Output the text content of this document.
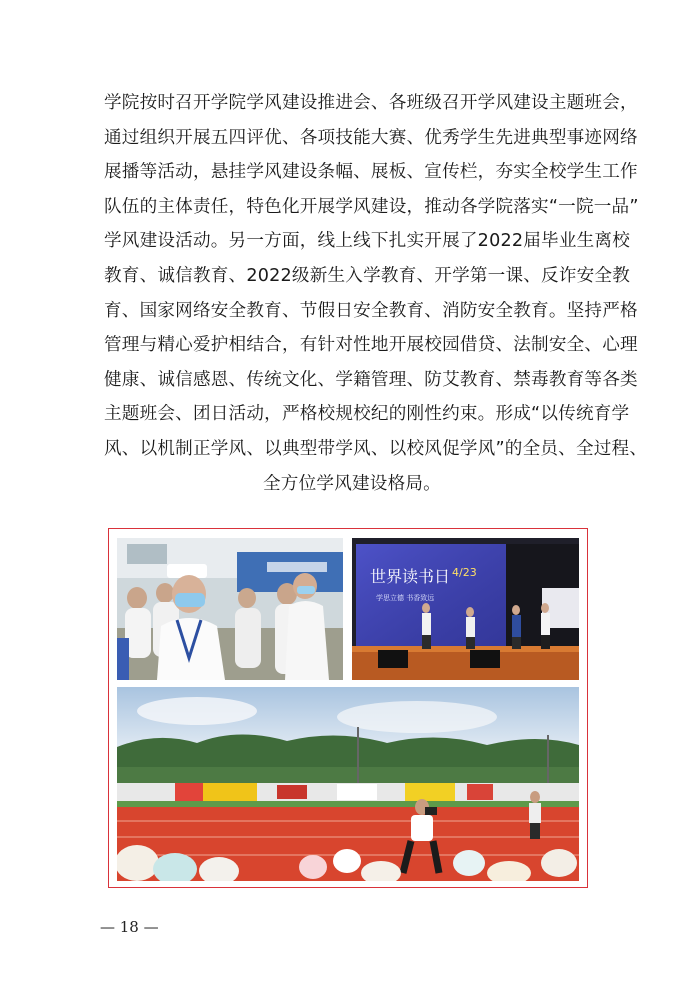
学院按时召开学院学风建设推进会、各班级召开学风建设主题班会，
通过组织开展五四评优、各项技能大赛、优秀学生先进典型事迹网络
展播等活动，悬挂学风建设条幅、展板、宣传栏，夯实全校学生工作
队伍的主体责任，特色化开展学风建设，推动各学院落实“一院一品”
学风建设活动。另一方面，线上线下扎实开展了2022届毕业生离校
教育、诚信教育、2022级新生入学教育、开学第一课、反诈安全教
育、国家网络安全教育、节假日安全教育、消防安全教育。坚持严格
管理与精心爱护相结合，有针对性地开展校园借贷、法制安全、心理
健康、诚信感恩、传统文化、学籍管理、防艾教育、禁毒教育等各类
主题班会、团日活动，严格校规校纪的刚性约束。形成“以传统育学
风、以机制正学风、以典型带学风、以校风促学风”的全员、全过程、
全方位学风建设格局。
世界读书日 4/23
学思立德 书香致远
— 18 —
